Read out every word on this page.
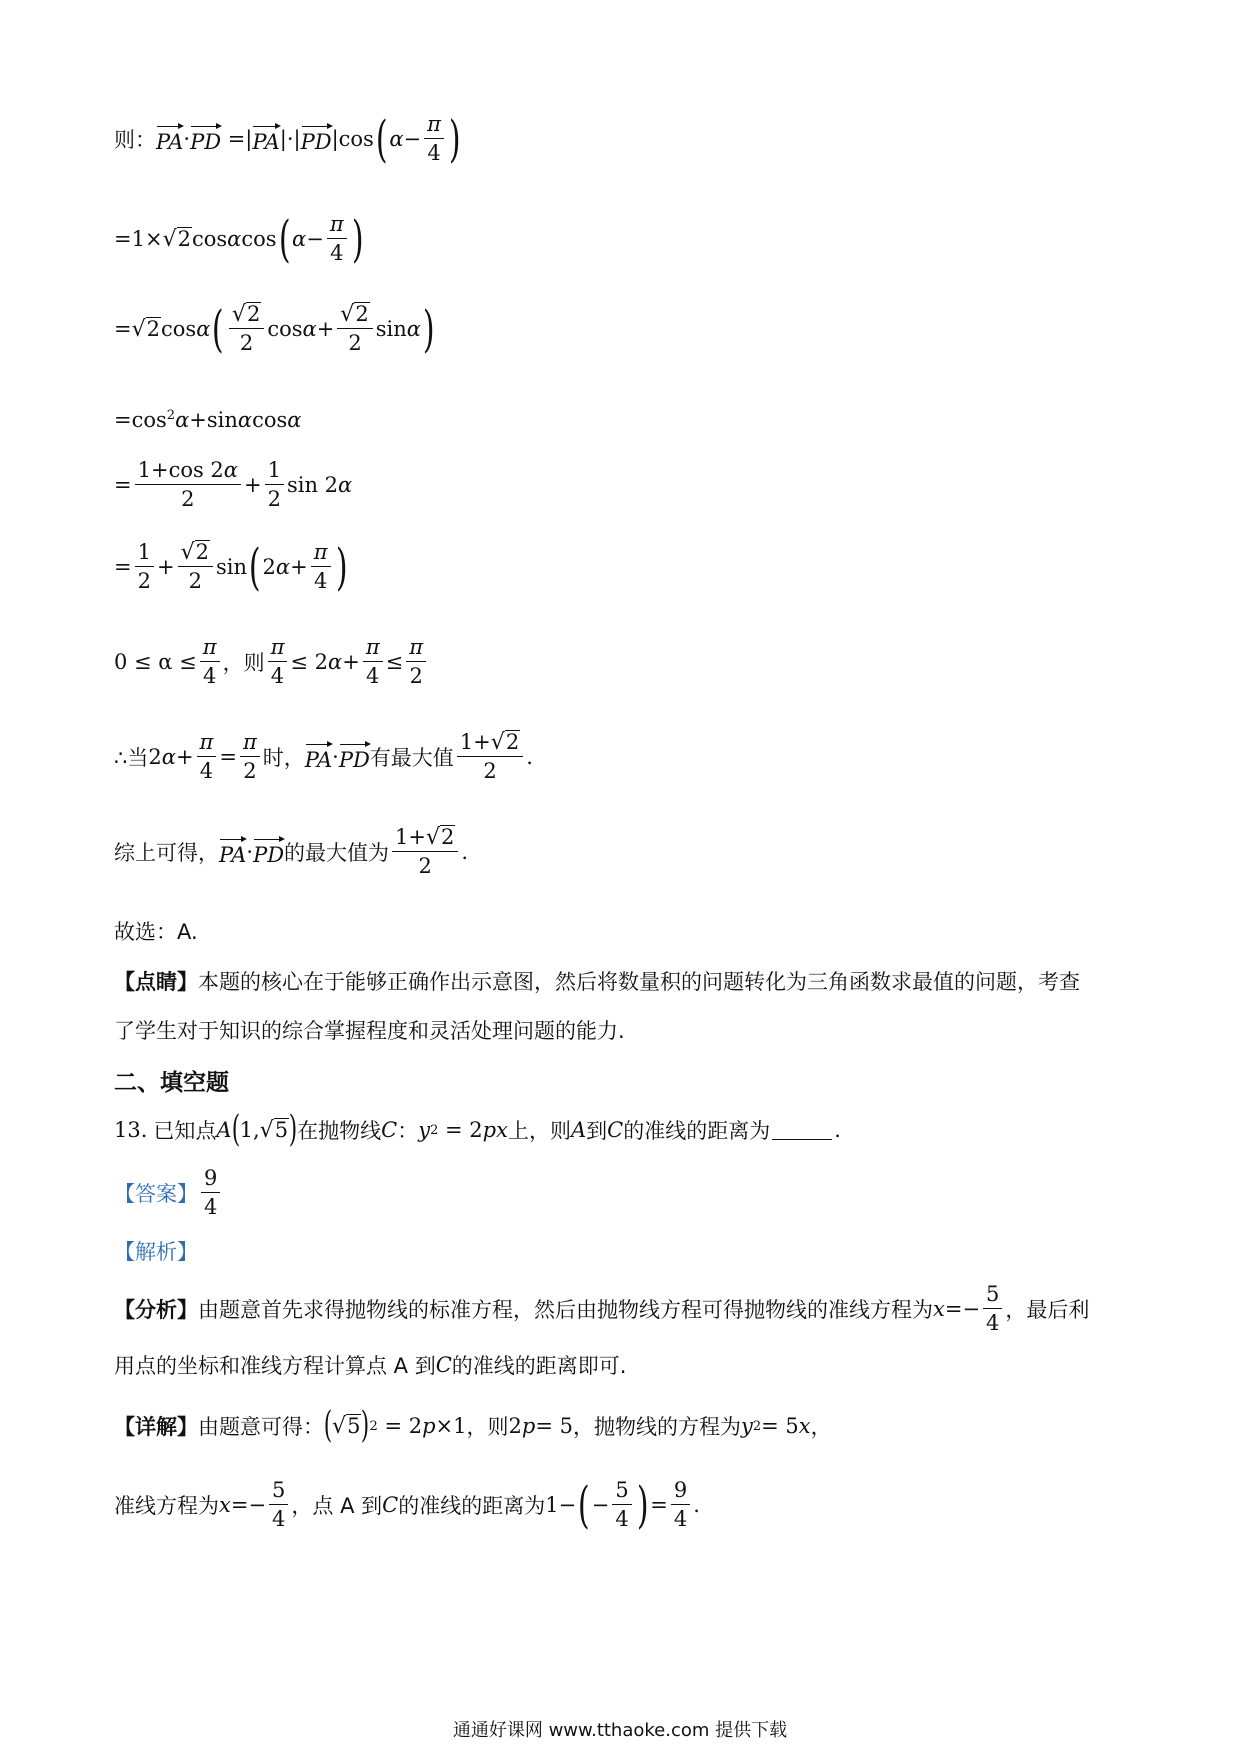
则： PA · PD =| PA |·| PD |cos ( $\alpha - \frac{\pi}{4}$ )
=1× √ 2 cos α cos ( $\alpha - \frac{\pi}{4}$ )
= √ 2 cos α ( $\frac{√ 2}{2}$ $\cos \alpha + \frac{√ 2}{2}$ sin α )
$=\cos^2$ α +sin α cos α
= $\frac{1+\cos 2\alpha}{2} + \frac{1}{2}$ sin 2 α
= $\frac{1}{2} + \frac{√ 2}{2}$ sin ( 2 $\alpha + \frac{\pi}{4}$ )
$0 \le \alpha \le \frac{\pi}{4}$ ，则 $\frac{\pi}{4} \le 2$ $\alpha + \frac{\pi}{4} \le \frac{\pi}{2}$
∴当 2 $\alpha + \frac{\pi}{4} = \frac{\pi}{2}$ 时， PA · PD 有最大值 $\frac{1+ √ 2}{2}$ .
综上可得， PA · PD 的最大值为 $\frac{1+ √ 2}{2}$ .
故选：A.
【点睛】 本题的核心在于能够正确作出示意图，然后将数量积的问题转化为三角函数求最值的问题，考查
了学生对于知识的综合掌握程度和灵活处理问题的能力.
二、填空题
13. 已知点 A ( 1, √ 5 ) 在抛物线 C ： y 2 = 2 px 上，则 A 到 C 的准线的距离为	.
【答案】 $\frac{9}{4}$
【解析】
【分析】 由题意首先求得抛物线的标准方程，然后由抛物线方程可得抛物线的准线方程为 $x =- \frac{5}{4}$ ，最后利
用点的坐标和准线方程计算点 A 到 C 的准线的距离即可.
【详解】 由题意可得： ( √ 5 ) 2 = 2 p ×1 ，则 2 p = 5 ，抛物线的方程为 y 2 = 5 x ，
准线方程为 $x =- \frac{5}{4}$ ，点 A 到 C 的准线的距离为 1− ( − $\frac{5}{4}$ ) = $\frac{9}{4}$ .
通通好课网 www.tthaoke.com 提供下载
